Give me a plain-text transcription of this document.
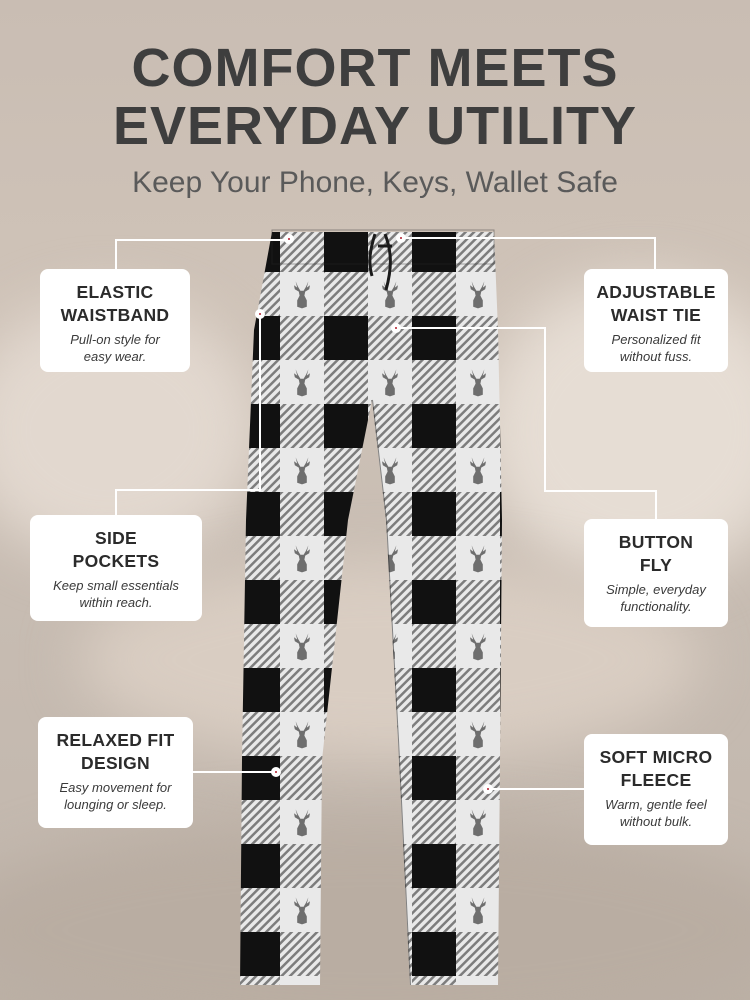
COMFORT MEETS
EVERYDAY UTILITY
Keep Your Phone, Keys, Wallet Safe
ELASTIC
WAISTBAND
Pull-on style for
easy wear.
ADJUSTABLE
WAIST TIE
Personalized fit
without fuss.
SIDE
POCKETS
Keep small essentials
within reach.
BUTTON
FLY
Simple, everyday
functionality.
RELAXED FIT
DESIGN
Easy movement for
lounging or sleep.
SOFT MICRO
FLEECE
Warm, gentle feel
without bulk.
